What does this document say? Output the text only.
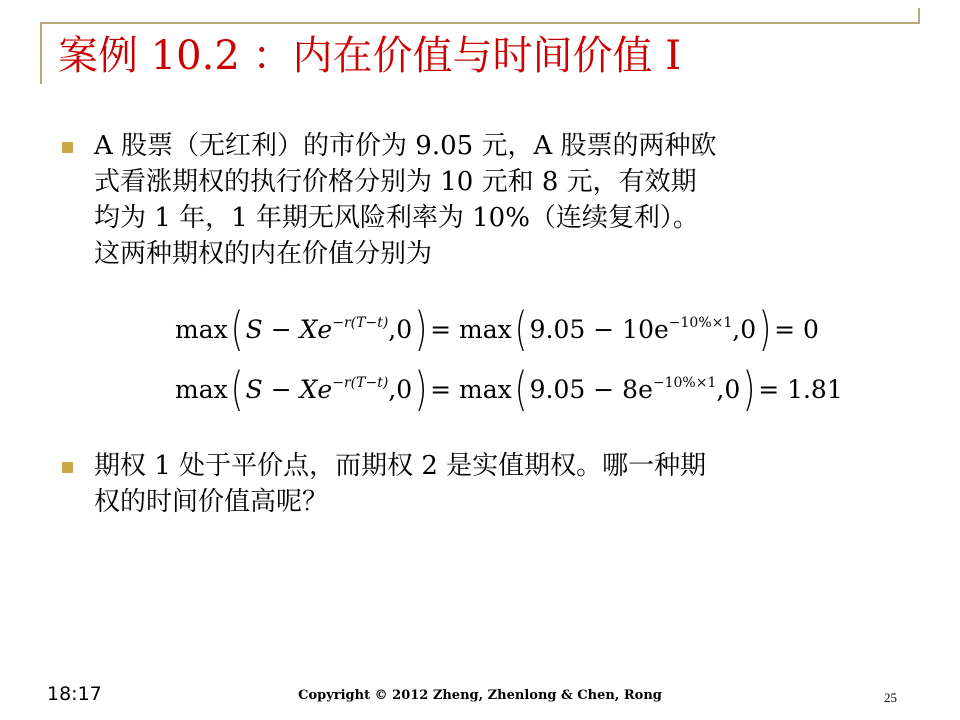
案例 10.2 ：内在价值与时间价值 I
A 股票（无红利）的市价为 9.05 元，A 股票的两种欧
式看涨期权的执行价格分别为 10 元和 8 元，有效期
均为 1 年，1 年期无风险利率为 10%（连续复利）。
这两种期权的内在价值分别为
max ( $S - Xe^{-r(T-t)}$ ,0 ) = max ( $9.05 - 10e^{-10\%\times 1}$ ,0 ) = 0
max ( $S - Xe^{-r(T-t)}$ ,0 ) = max ( $9.05 - 8e^{-10\%\times 1}$ ,0 ) = 1.81
期权 1 处于平价点，而期权 2 是实值期权。哪一种期
权的时间价值高呢？
18:17	Copyright © 2012 Zheng, Zhenlong & Chen, Rong	25
